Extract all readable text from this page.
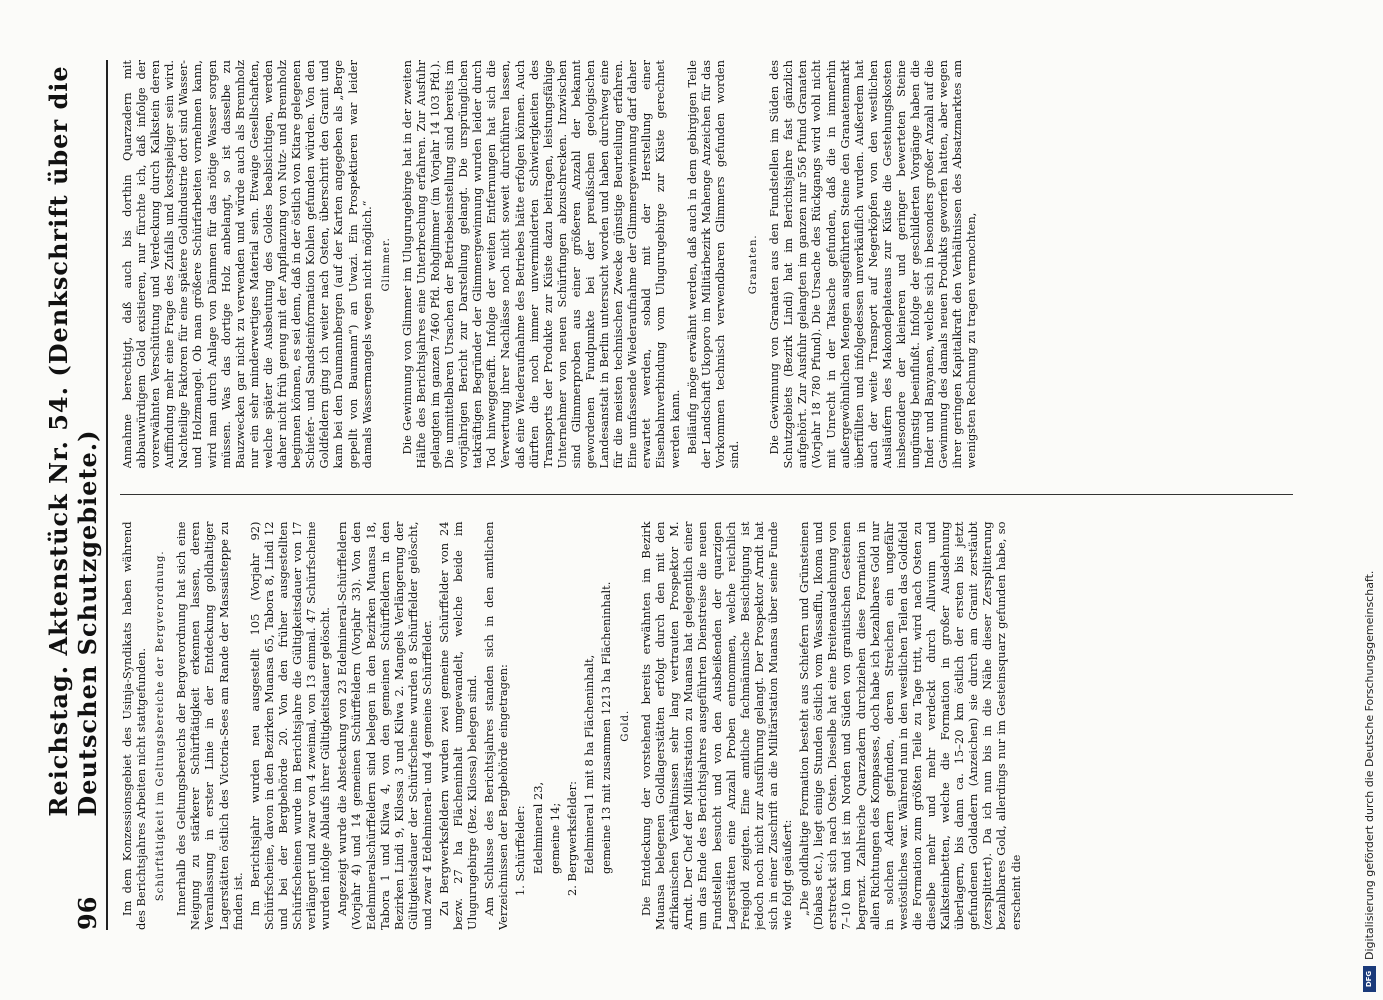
96
Reichstag. Aktenstück Nr. 54. (Denkschrift über die Deutschen Schutzgebiete.)	Im dem Konzessionsgebiet des Usinja-Syndikats haben während des Berichtsjahres Arbeiten nicht stattgefunden. Schürftätigkeit im Geltungsbereiche der Bergverordnung. Innerhalb des Geltungsbereichs der Bergverordnung hat sich eine Neigung zu stärkerer Schürftätigkeit erkennen lassen, deren Veranlassung in erster Linie in der Entdeckung goldhaltiger Lagerstätten östlich des Victoria-Sees am Rande der Massaisteppe zu finden ist. Im Berichtsjahr wurden neu ausgestellt 105 (Vorjahr 92) Schürfscheine, davon in den Bezirken Muansa 65, Tabora 8, Lindi 12 und bei der Bergbehörde 20. Von den früher ausgestellten Schürfscheinen wurde im Berichtsjahre die Gültigkeitsdauer von 17 verlängert und zwar von 4 zweimal, von 13 einmal. 47 Schürfscheine wurden infolge Ablaufs ihrer Gültigkeitsdauer gelöscht. Angezeigt wurde die Absteckung von 23 Edelmineral-Schürffeldern (Vorjahr 4) und 14 gemeinen Schürffeldern (Vorjahr 33). Von den Edelmineralschürffeldern sind belegen in den Bezirken Muansa 18, Tabora 1 und Kilwa 4, von den gemeinen Schürffeldern in den Bezirken Lindi 9, Kilossa 3 und Kilwa 2. Mangels Verlängerung der Gültigkeitsdauer der Schürfscheine wurden 8 Schürffelder gelöscht, und zwar 4 Edelmineral- und 4 gemeine Schürffelder. Zu Bergwerksfeldern wurden zwei gemeine Schürffelder von 24 bezw. 27 ha Flächeninhalt umgewandelt, welche beide im Ulugurugebirge (Bez. Kilossa) belegen sind. Am Schlusse des Berichtsjahres standen sich in den amtlichen Verzeichnissen der Bergbehörde eingetragen: 1. Schürffelder: Edelmineral 23, gemeine 14; 2. Bergwerksfelder: Edelmineral 1 mit 8 ha Flächeninhalt, gemeine 13 mit zusammen 1213 ha Flächeninhalt. Gold. Die Entdeckung der vorstehend bereits erwähnten im Bezirk Muansa belegenen Goldlagerstätten erfolgt durch den mit den afrikanischen Verhältnissen sehr lang vertrauten Prospektor M. Arndt. Der Chef der Militärstation zu Muansa hat gelegentlich einer um das Ende des Berichtsjahres ausgeführten Dienstreise die neuen Fundstellen besucht und von den Ausbeißenden der quarzigen Lagerstätten eine Anzahl Proben entnommen, welche reichlich Freigold zeigten. Eine amtliche fachmännische Besichtigung ist jedoch noch nicht zur Ausführung gelangt. Der Prospektor Arndt hat sich in einer Zuschrift an die Militärstation Muansa über seine Funde wie folgt geäußert: „Die goldhaltige Formation besteht aus Schiefern und Grünsteinen (Diabas etc.), liegt einige Stunden östlich vom Wassafflu, Ikoma und erstreckt sich nach Osten. Dieselbe hat eine Breitenausdehnung von 7–10 km und ist im Norden und Süden von granitischen Gesteinen begrenzt. Zahlreiche Quarzadern durchziehen diese Formation in allen Richtungen des Kompasses, doch habe ich bezahlbares Gold nur in solchen Adern gefunden, deren Streichen ein ungefähr westöstliches war. Während nun in den westlichen Teilen das Goldfeld die Formation zum größten Teile zu Tage tritt, wird nach Osten zu dieselbe mehr und mehr verdeckt durch Alluvium und Kalksteinbetten, welche die Formation in großer Ausdehnung überlagern, bis dann ca. 15–20 km östlich der ersten bis jetzt gefundenen Goldadern (Anzeichen) sie durch am Granit zerstäubt (zersplittert). Da ich nun bis in die Nähe dieser Zersplitterung bezahlbares Gold, allerdings nur im Gesteinsquarz gefunden habe, so erscheint die

Annahme berechtigt, daß auch bis dorthin Quarzadern mit abbauwürdigem Gold existieren, nur fürchte ich, daß infolge der vorerwähnten Verschüttung und Verdeckung durch Kalkstein deren Auffindung mehr eine Frage des Zufalls und kostspieliger sein wird. Nachteilige Faktoren für eine spätere Goldindustrie dort sind Wasser- und Holzmangel. Ob man größere Schürfarbeiten vornehmen kann, wird man durch Anlage von Dämmen für das nötige Wasser sorgen müssen. Was das dortige Holz anbelangt, so ist dasselbe zu Bauzwecken gar nicht zu verwenden und würde auch als Brennholz nur ein sehr minderwertiges Material sein. Etwaige Gesellschaften, welche später die Ausbeutung des Goldes beabsichtigen, werden daher nicht früh genug mit der Anpflanzung von Nutz- und Brennholz beginnen können, es sei denn, daß in der östlich von Kitare gelegenen Schiefer- und Sandsteinformation Kohlen gefunden würden. Von den Goldfeldern ging ich weiter nach Osten, überschritt den Granit und kam bei den Daumannbergen (auf der Karten angegeben als „Berge gepellt von Baumann“) an Uwazi. Ein Prospektieren war leider damals Wassermangels wegen nicht möglich.“ Glimmer. Die Gewinnung von Glimmer im Ulugurugebirge hat in der zweiten Hälfte des Berichtsjahres eine Unterbrechung erfahren. Zur Ausfuhr gelangten im ganzen 7460 Pfd. Rohglimmer (im Vorjahr 14 103 Pfd.). Die unmittelbaren Ursachen der Betriebseinstellung sind bereits im vorjährigen Bericht zur Darstellung gelangt. Die ursprünglichen tatkräftigen Begründer der Glimmergewinnung wurden leider durch Tod hinweggerafft. Infolge der weiten Entfernungen hat sich die Verwertung ihrer Nachlässe noch nicht soweit durchführen lassen, daß eine Wiederaufnahme des Betriebes hätte erfolgen können. Auch dürften die noch immer unverminderten Schwierigkeiten des Transports der Produkte zur Küste dazu beitragen, leistungsfähige Unternehmer von neuen Schürfungen abzuschrecken. Inzwischen sind Glimmerproben aus einer größeren Anzahl der bekannt gewordenen Fundpunkte bei der preußischen geologischen Landesanstalt in Berlin untersucht worden und haben durchweg eine für die meisten technischen Zwecke günstige Beurteilung erfahren. Eine umfassende Wiederaufnahme der Glimmergewinnung darf daher erwartet werden, sobald mit der Herstellung einer Eisenbahnverbindung vom Ulugurugebirge zur Küste gerechnet werden kann. Beiläufig möge erwähnt werden, daß auch in dem gebirgigen Teile der Landschaft Ukoporo im Militärbezirk Mahenge Anzeichen für das Vorkommen technisch verwendbaren Glimmers gefunden worden sind.

Granaten. Die Gewinnung von Granaten aus den Fundstellen im Süden des Schutzgebiets (Bezirk Lindi) hat im Berichtsjahre fast gänzlich aufgehört. Zur Ausfuhr gelangten im ganzen nur 556 Pfund Granaten (Vorjahr 18 780 Pfund). Die Ursache des Rückgangs wird wohl nicht mit Unrecht in der Tatsache gefunden, daß die in immerhin außergewöhnlichen Mengen ausgeführten Steine den Granatenmarkt überfüllten und infolgedessen unverkäuflich wurden. Außerdem hat auch der weite Transport auf Negerköpfen von den westlichen Ausläufern des Makondeplateaus zur Küste die Gestehungskosten insbesondere der kleineren und geringer bewerteten Steine ungünstig beeinflußt. Infolge der geschilderten Vorgänge haben die Inder und Banyanen, welche sich in besonders großer Anzahl auf die Gewinnung des damals neuen Produkts geworfen hatten, aber wegen ihrer geringen Kapitalkraft den Verhältnissen des Absatzmarktes am wenigsten Rechnung zu tragen vermochten,

DFG
Digitalisierung gefördert durch die Deutsche Forschungsgemeinschaft.
